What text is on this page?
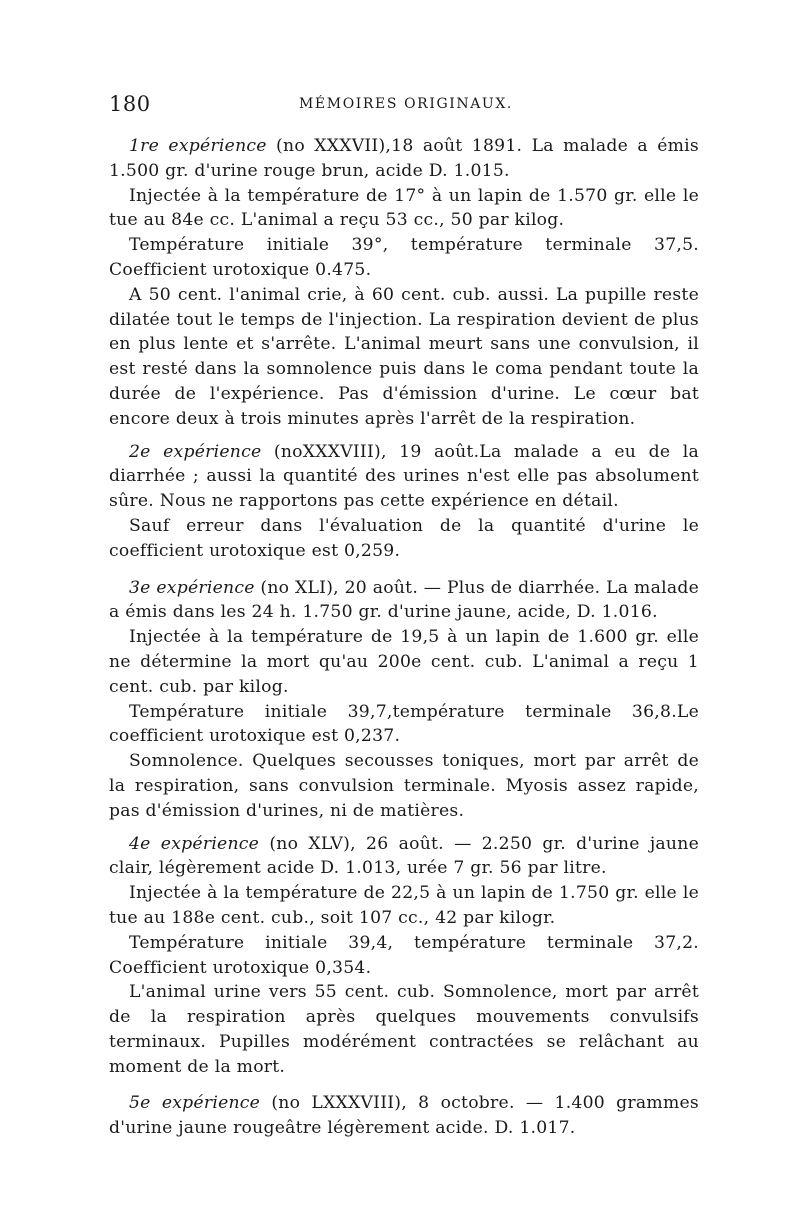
180	MÉMOIRES ORIGINAUX.

1re expérience (no XXXVII),18 août 1891. La malade a émis 1.500 gr. d'urine rouge brun, acide D. 1.015.

Injectée à la température de 17° à un lapin de 1.570 gr. elle le tue au 84e cc. L'animal a reçu 53 cc., 50 par kilog.

Température initiale 39°, température terminale 37,5. Coefficient urotoxique 0.475.

A 50 cent. l'animal crie, à 60 cent. cub. aussi. La pupille reste dilatée tout le temps de l'injection. La respiration devient de plus en plus lente et s'arrête. L'animal meurt sans une convulsion, il est resté dans la somnolence puis dans le coma pendant toute la durée de l'expérience. Pas d'émission d'urine. Le cœur bat encore deux à trois minutes après l'arrêt de la respiration.

2e expérience (noXXXVIII), 19 août.La malade a eu de la diarrhée ; aussi la quantité des urines n'est elle pas absolument sûre. Nous ne rapportons pas cette expérience en détail.

Sauf erreur dans l'évaluation de la quantité d'urine le coefficient urotoxique est 0,259.

3e expérience (no XLI), 20 août. — Plus de diarrhée. La malade a émis dans les 24 h. 1.750 gr. d'urine jaune, acide, D. 1.016.

Injectée à la température de 19,5 à un lapin de 1.600 gr. elle ne détermine la mort qu'au 200e cent. cub. L'animal a reçu 1 cent. cub. par kilog.

Température initiale 39,7,température terminale 36,8.Le coefficient urotoxique est 0,237.

Somnolence. Quelques secousses toniques, mort par arrêt de la respiration, sans convulsion terminale. Myosis assez rapide, pas d'émission d'urines, ni de matières.

4e expérience (no XLV), 26 août. — 2.250 gr. d'urine jaune clair, légèrement acide D. 1.013, urée 7 gr. 56 par litre.

Injectée à la température de 22,5 à un lapin de 1.750 gr. elle le tue au 188e cent. cub., soit 107 cc., 42 par kilogr.

Température initiale 39,4, température terminale 37,2. Coefficient urotoxique 0,354.

L'animal urine vers 55 cent. cub. Somnolence, mort par arrêt de la respiration après quelques mouvements convulsifs terminaux. Pupilles modérément contractées se relâchant au moment de la mort.

5e expérience (no LXXXVIII), 8 octobre. — 1.400 grammes d'urine jaune rougeâtre légèrement acide. D. 1.017.
